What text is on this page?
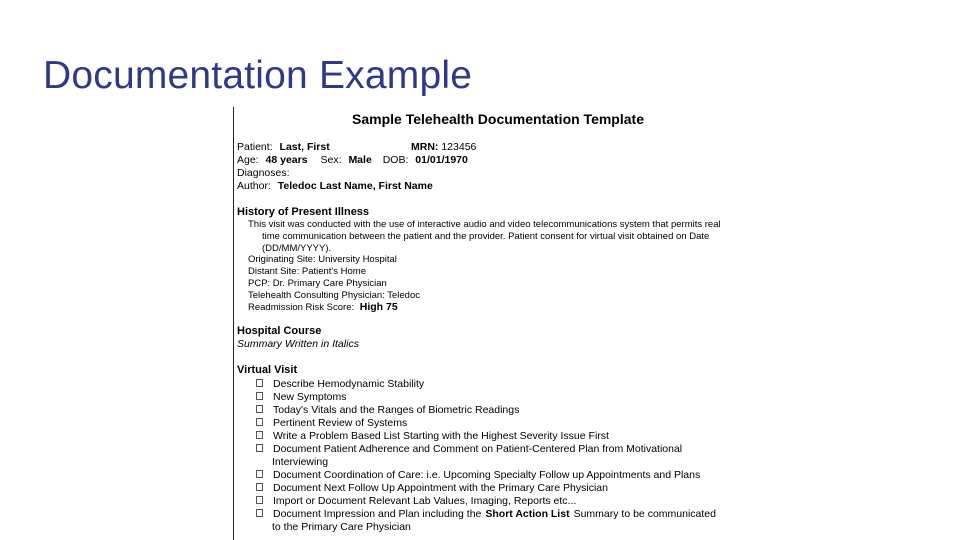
Documentation Example
Sample Telehealth Documentation Template
Patient: Last, First	MRN: 123456
Age: 48 years Sex: Male DOB: 01/01/1970
Diagnoses:
Author: Teledoc Last Name, First Name
History of Present Illness
This visit was conducted with the use of interactive audio and video telecommunications system that permits real
time communication between the patient and the provider. Patient consent for virtual visit obtained on Date
(DD/MM/YYYY).
Originating Site: University Hospital
Distant Site: Patient's Home
PCP: Dr. Primary Care Physician
Telehealth Consulting Physician: Teledoc
Readmission Risk Score: High 75
Hospital Course
Summary Written in Italics
Virtual Visit
Describe Hemodynamic Stability
New Symptoms
Today's Vitals and the Ranges of Biometric Readings
Pertinent Review of Systems
Write a Problem Based List Starting with the Highest Severity Issue First
Document Patient Adherence and Comment on Patient-Centered Plan from Motivational
Interviewing
Document Coordination of Care: i.e. Upcoming Specialty Follow up Appointments and Plans
Document Next Follow Up Appointment with the Primary Care Physician
Import or Document Relevant Lab Values, Imaging, Reports etc...
Document Impression and Plan including the Short Action List Summary to be communicated
to the Primary Care Physician
